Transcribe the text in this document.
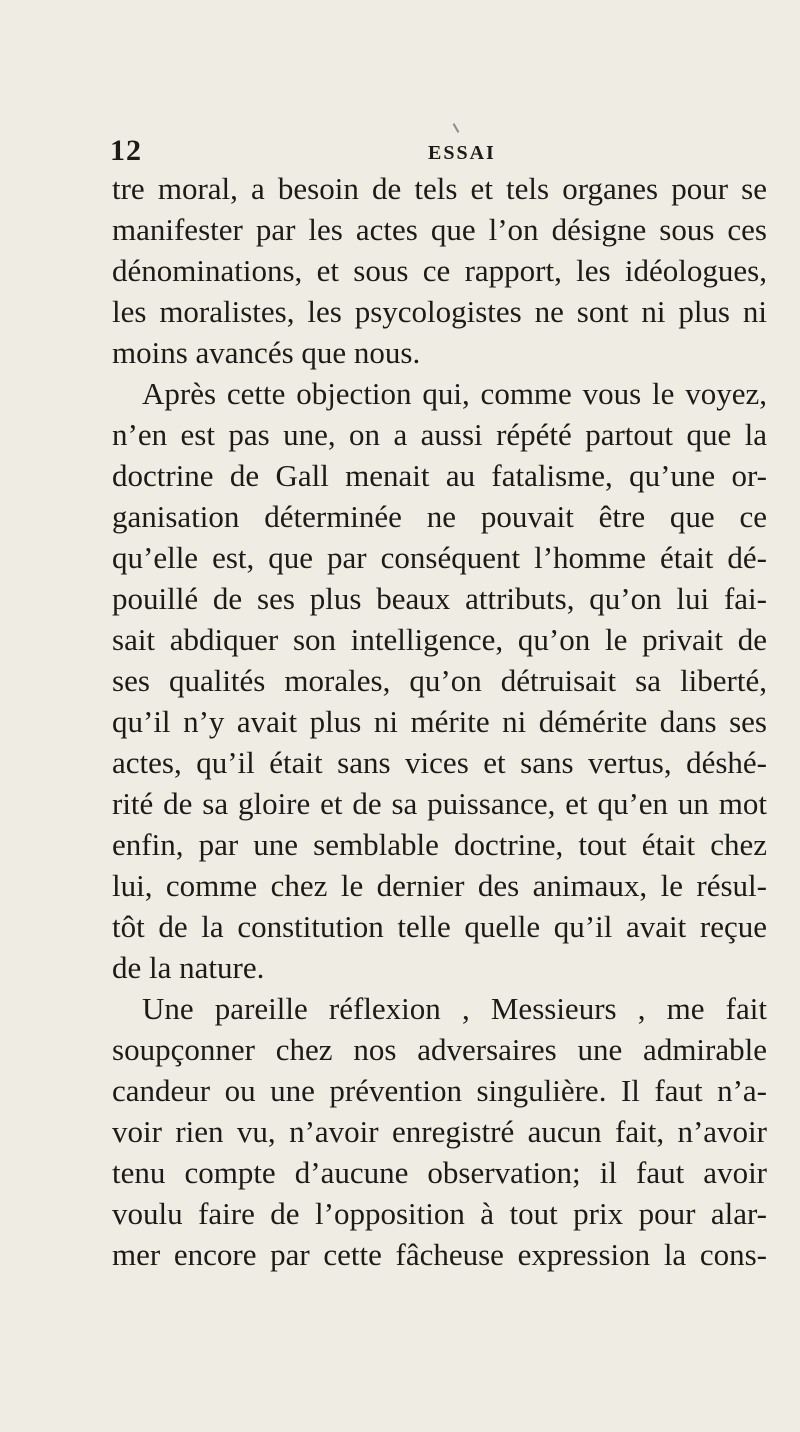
12	ESSAI
tre moral, a besoin de tels et tels organes pour se
manifester par les actes que l’on désigne sous ces
dénominations, et sous ce rapport, les idéologues,
les moralistes, les psycologistes ne sont ni plus ni
moins avancés que nous.
Après cette objection qui, comme vous le voyez,
n’en est pas une, on a aussi répété partout que la
doctrine de Gall menait au fatalisme, qu’une or-
ganisation déterminée ne pouvait être que ce
qu’elle est, que par conséquent l’homme était dé-
pouillé de ses plus beaux attributs, qu’on lui fai-
sait abdiquer son intelligence, qu’on le privait de
ses qualités morales, qu’on détruisait sa liberté,
qu’il n’y avait plus ni mérite ni démérite dans ses
actes, qu’il était sans vices et sans vertus, déshé-
rité de sa gloire et de sa puissance, et qu’en un mot
enfin, par une semblable doctrine, tout était chez
lui, comme chez le dernier des animaux, le résul-
tôt de la constitution telle quelle qu’il avait reçue
de la nature.
Une pareille réflexion , Messieurs , me fait
soupçonner chez nos adversaires une admirable
candeur ou une prévention singulière. Il faut n’a-
voir rien vu, n’avoir enregistré aucun fait, n’avoir
tenu compte d’aucune observation; il faut avoir
voulu faire de l’opposition à tout prix pour alar-
mer encore par cette fâcheuse expression la cons-
